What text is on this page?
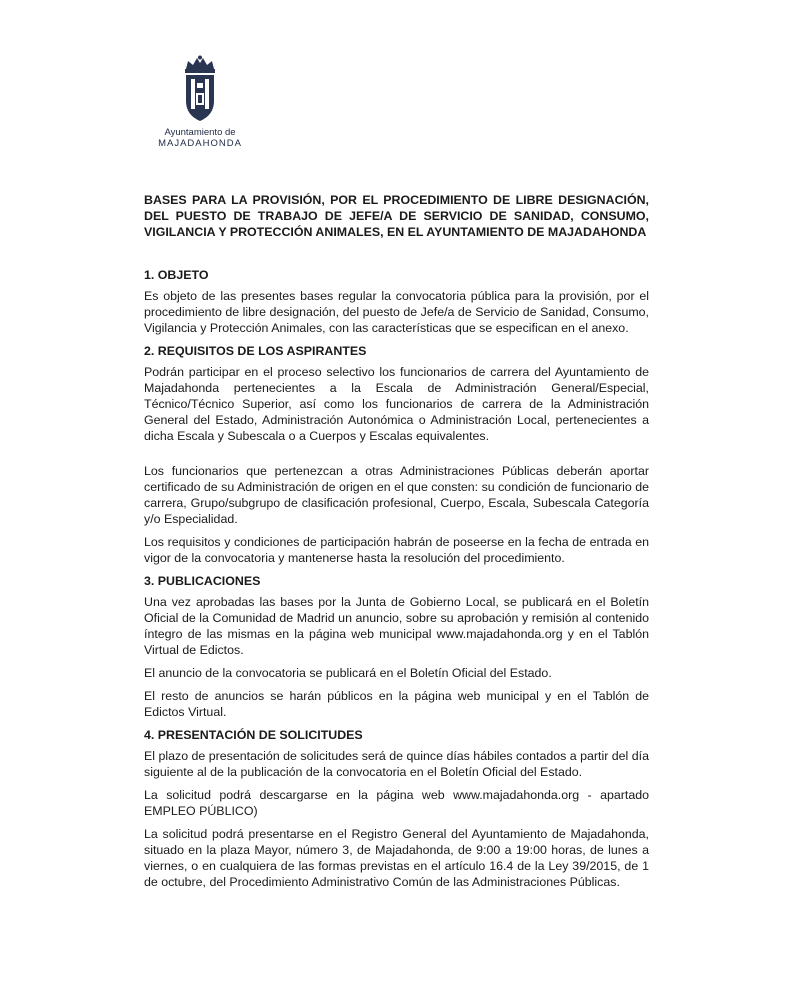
Ayuntamiento de
MAJADAHONDA
BASES PARA LA PROVISIÓN, POR EL PROCEDIMIENTO DE LIBRE DESIGNACIÓN, DEL PUESTO DE TRABAJO DE JEFE/A DE SERVICIO DE SANIDAD, CONSUMO, VIGILANCIA Y PROTECCIÓN ANIMALES, EN EL AYUNTAMIENTO DE MAJADAHONDA
1. OBJETO

Es objeto de las presentes bases regular la convocatoria pública para la provisión, por el procedimiento de libre designación, del puesto de Jefe/a de Servicio de Sanidad, Consumo, Vigilancia y Protección Animales, con las características que se especifican en el anexo.

2. REQUISITOS DE LOS ASPIRANTES

Podrán participar en el proceso selectivo los funcionarios de carrera del Ayuntamiento de Majadahonda pertenecientes a la Escala de Administración General/Especial, Técnico/Técnico Superior, así como los funcionarios de carrera de la Administración General del Estado, Administración Autonómica o Administración Local, pertenecientes a dicha Escala y Subescala o a Cuerpos y Escalas equivalentes.

Los funcionarios que pertenezcan a otras Administraciones Públicas deberán aportar certificado de su Administración de origen en el que consten: su condición de funcionario de carrera, Grupo/subgrupo de clasificación profesional, Cuerpo, Escala, Subescala Categoría y/o Especialidad.

Los requisitos y condiciones de participación habrán de poseerse en la fecha de entrada en vigor de la convocatoria y mantenerse hasta la resolución del procedimiento.

3. PUBLICACIONES

Una vez aprobadas las bases por la Junta de Gobierno Local, se publicará en el Boletín Oficial de la Comunidad de Madrid un anuncio, sobre su aprobación y remisión al contenido íntegro de las mismas en la página web municipal www.majadahonda.org y en el Tablón Virtual de Edictos.

El anuncio de la convocatoria se publicará en el Boletín Oficial del Estado.

El resto de anuncios se harán públicos en la página web municipal y en el Tablón de Edictos Virtual.

4. PRESENTACIÓN DE SOLICITUDES

El plazo de presentación de solicitudes será de quince días hábiles contados a partir del día siguiente al de la publicación de la convocatoria en el Boletín Oficial del Estado.

La solicitud podrá descargarse en la página web www.majadahonda.org - apartado EMPLEO PÚBLICO)

La solicitud podrá presentarse en el Registro General del Ayuntamiento de Majadahonda, situado en la plaza Mayor, número 3, de Majadahonda, de 9:00 a 19:00 horas, de lunes a viernes, o en cualquiera de las formas previstas en el artículo 16.4 de la Ley 39/2015, de 1 de octubre, del Procedimiento Administrativo Común de las Administraciones Públicas.
